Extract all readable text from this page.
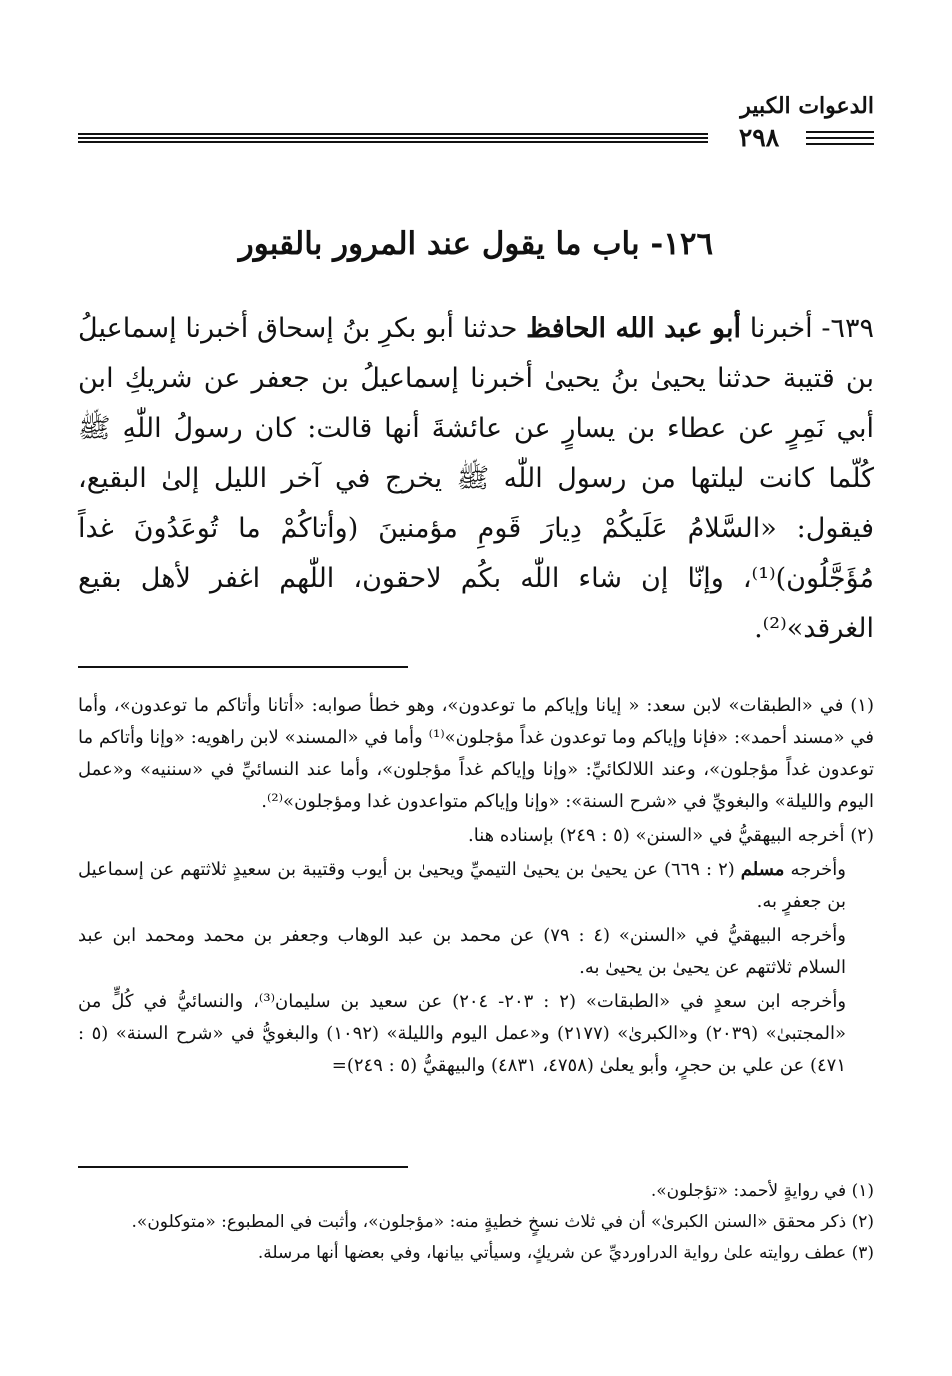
الدعوات الكبير
٢٩٨
١٢٦- باب ما يقول عند المرور بالقبور

٦٣٩- أخبرنا أبو عبد الله الحافظ حدثنا أبو بكرِ بنُ إسحاق أخبرنا إسماعيلُ بن قتيبة حدثنا يحيىٰ بنُ يحيىٰ أخبرنا إسماعيلُ بن جعفر عن شريكِ ابن أبي نَمِرٍ عن عطاء بن يسارٍ عن عائشةَ أنها قالت: كان رسولُ اللّٰهِ ﷺ كُلّما كانت ليلتها من رسول اللّٰه ﷺ يخرج في آخر الليل إلىٰ البقيع، فيقول: «السَّلامُ عَلَيكُمْ دِيارَ قَومِ مؤمنينَ (وأتاكُمْ ما تُوعَدُونَ غداً مُؤَجَّلُون)⁽¹⁾، وإنّا إن شاء اللّٰه بكُم لاحقون، اللّٰهم اغفر لأهل بقيع الغرقد»⁽²⁾.

(١) في «الطبقات» لابن سعد: « إيانا وإياكم ما توعدون»، وهو خطأ صوابه: «أتانا وأتاكم ما توعدون»، وأما في «مسند أحمد»: «فإنا وإياكم وما توعدون غداً مؤجلون»⁽¹⁾ وأما في «المسند» لابن راهويه: «وإنا وأتاكم ما توعدون غداً مؤجلون»، وعند اللالكائيِّ: «وإنا وإياكم غداً مؤجلون»، وأما عند النسائيِّ في «سننيه» و«عمل اليوم والليلة» والبغويِّ في «شرح السنة»: «وإنا وإياكم متواعدون غدا ومؤجلون»⁽²⁾.

(٢) أخرجه البيهقيُّ في «السنن» (٥ : ٢٤٩) بإسناده هنا.

وأخرجه مسلم (٢ : ٦٦٩) عن يحيىٰ بن يحيىٰ التيميِّ ويحيىٰ بن أيوب وقتيبة بن سعيدٍ ثلاثتهم عن إسماعيل بن جعفرٍ به.

وأخرجه البيهقيُّ في «السنن» (٤ : ٧٩) عن محمد بن عبد الوهاب وجعفر بن محمد ومحمد ابن عبد السلام ثلاثتهم عن يحيىٰ بن يحيىٰ به.

وأخرجه ابن سعدٍ في «الطبقات» (٢ : ٢٠٣- ٢٠٤) عن سعيد بن سليمان⁽³⁾، والنسائيُّ في كُلٍّ من «المجتبىٰ» (٢٠٣٩) و«الكبرىٰ» (٢١٧٧) و«عمل اليوم والليلة» (١٠٩٢) والبغويُّ في «شرح السنة» (٥ : ٤٧١) عن علي بن حجرٍ، وأبو يعلىٰ (٤٧٥٨، ٤٨٣١) والبيهقيُّ (٥ : ٢٤٩)=

(١) في روايةٍ لأحمد: «تؤجلون».

(٢) ذكر محقق «السنن الكبرىٰ» أن في ثلاث نسخٍ خطيةٍ منه: «مؤجلون»، وأثبت في المطبوع: «متوكلون».

(٣) عطف روايته علىٰ رواية الدراورديِّ عن شريكٍ، وسيأتي بيانها، وفي بعضها أنها مرسلة.
